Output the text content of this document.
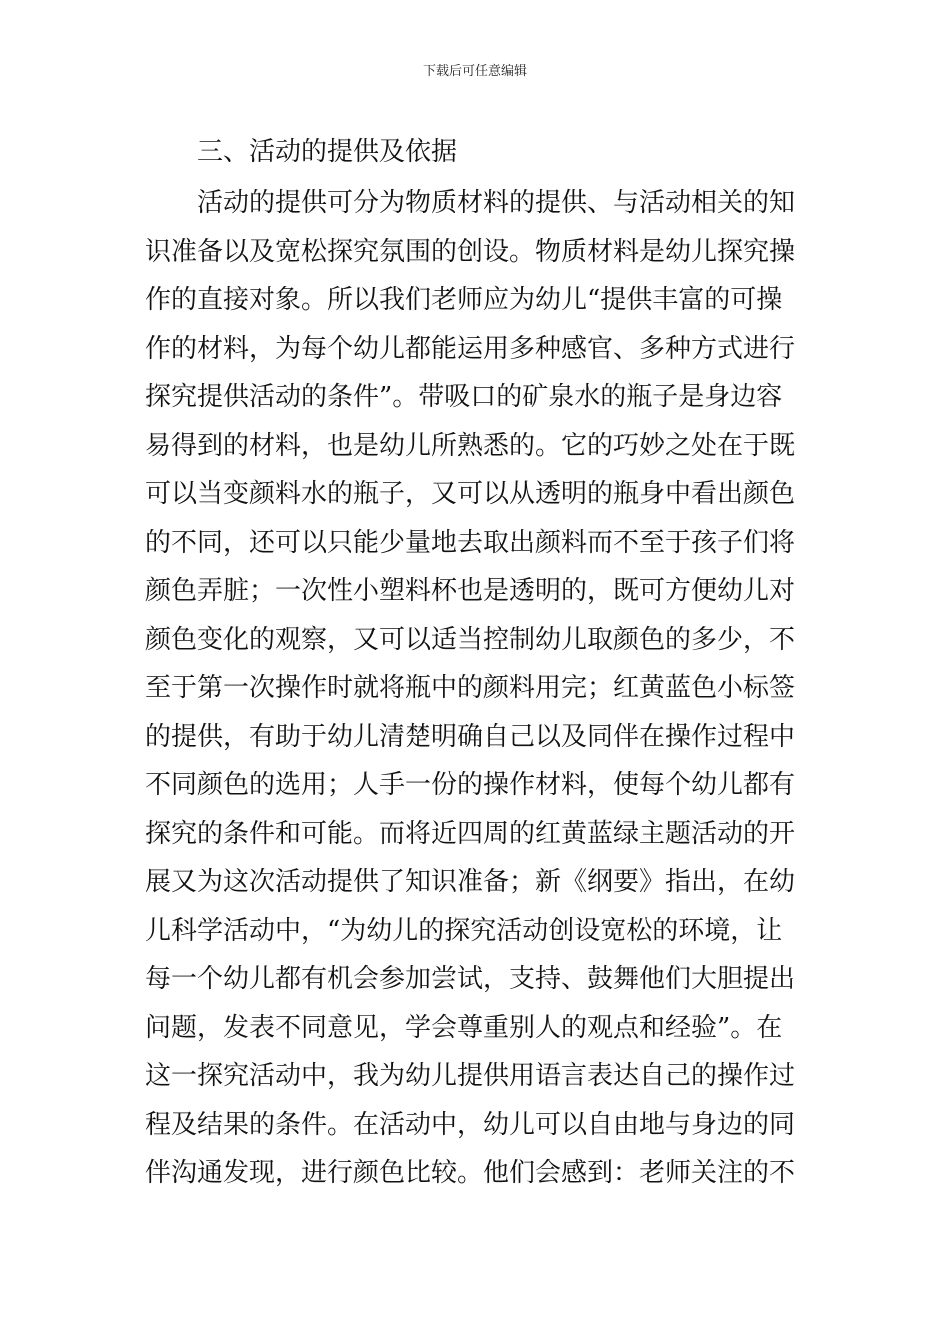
下载后可任意编辑
三、活动的提供及依据
活动的提供可分为物质材料的提供、与活动相关的知
识准备以及宽松探究氛围的创设。物质材料是幼儿探究操
作的直接对象。所以我们老师应为幼儿“提供丰富的可操
作的材料，为每个幼儿都能运用多种感官、多种方式进行
探究提供活动的条件”。带吸口的矿泉水的瓶子是身边容
易得到的材料，也是幼儿所熟悉的。它的巧妙之处在于既
可以当变颜料水的瓶子，又可以从透明的瓶身中看出颜色
的不同，还可以只能少量地去取出颜料而不至于孩子们将
颜色弄脏；一次性小塑料杯也是透明的，既可方便幼儿对
颜色变化的观察，又可以适当控制幼儿取颜色的多少，不
至于第一次操作时就将瓶中的颜料用完；红黄蓝色小标签
的提供，有助于幼儿清楚明确自己以及同伴在操作过程中
不同颜色的选用；人手一份的操作材料，使每个幼儿都有
探究的条件和可能。而将近四周的红黄蓝绿主题活动的开
展又为这次活动提供了知识准备；新《纲要》指出，在幼
儿科学活动中，“为幼儿的探究活动创设宽松的环境，让
每一个幼儿都有机会参加尝试，支持、鼓舞他们大胆提出
问题，发表不同意见，学会尊重别人的观点和经验”。在
这一探究活动中，我为幼儿提供用语言表达自己的操作过
程及结果的条件。在活动中，幼儿可以自由地与身边的同
伴沟通发现，进行颜色比较。他们会感到：老师关注的不
